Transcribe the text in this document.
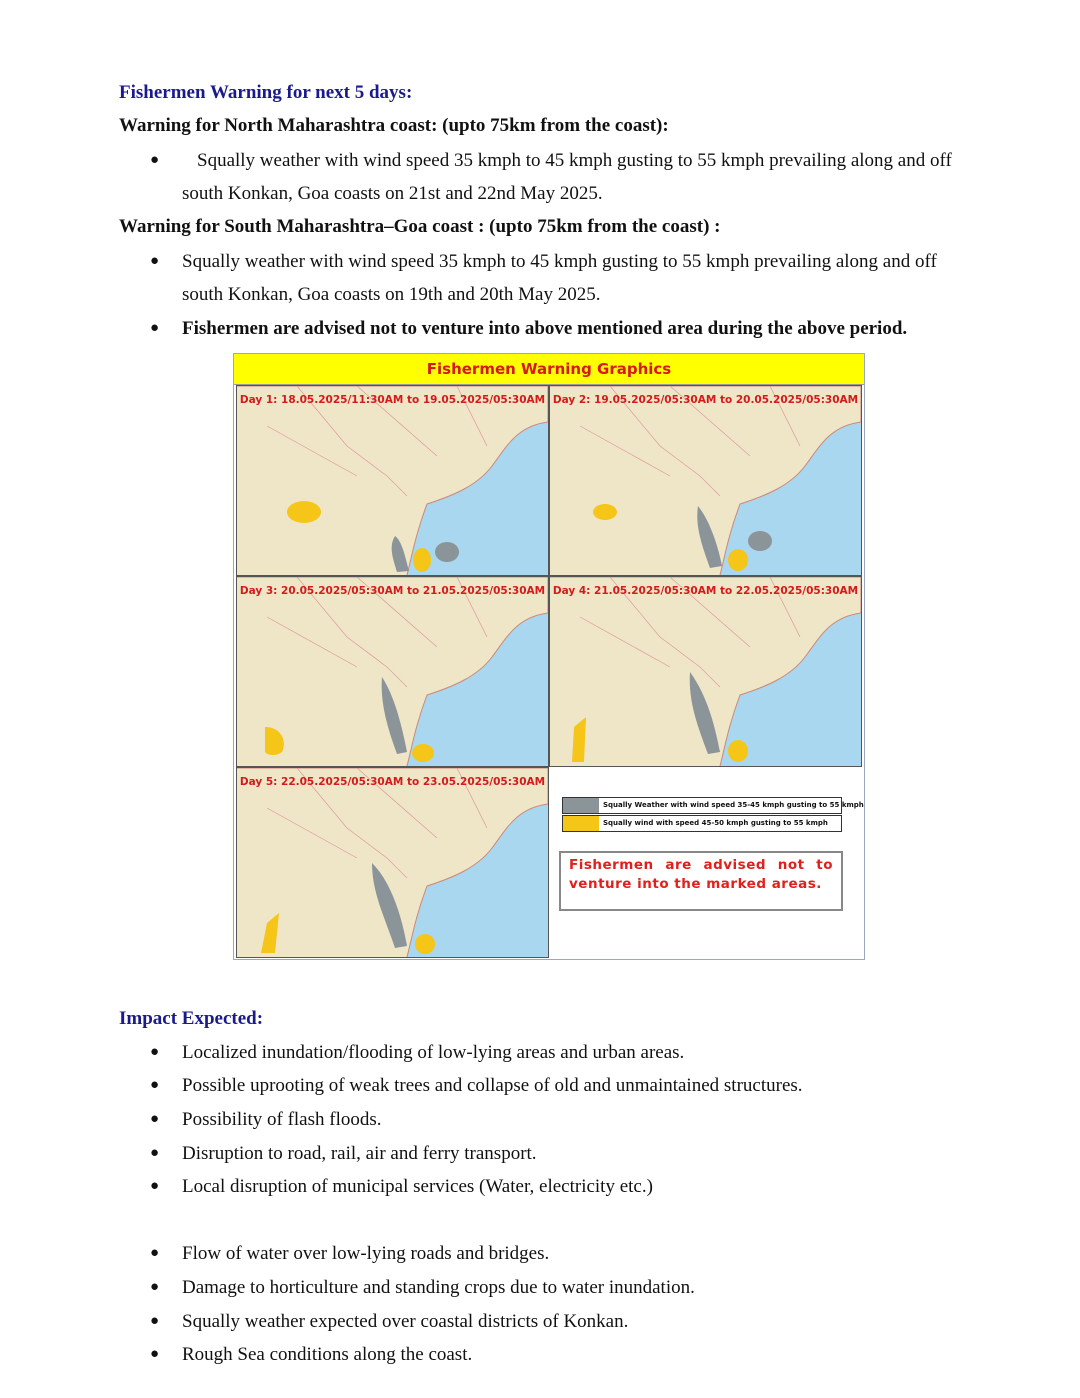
Fishermen Warning for next 5 days:
Warning for North Maharashtra coast: (upto 75km from the coast):
●	Squally weather with wind speed 35 kmph to 45 kmph gusting to 55 kmph prevailing along and off south Konkan, Goa coasts on 21st and 22nd May 2025.
Warning for South Maharashtra–Goa coast : (upto 75km from the coast) :
● Squally weather with wind speed 35 kmph to 45 kmph gusting to 55 kmph prevailing along and off south Konkan, Goa coasts on 19th and 20th May 2025.
● Fishermen are advised not to venture into above mentioned area during the above period.
Fishermen Warning Graphics
Day 1: 18.05.2025/11:30AM to 19.05.2025/05:30AM Day 2: 19.05.2025/05:30AM to 20.05.2025/05:30AM
Day 3: 20.05.2025/05:30AM to 21.05.2025/05:30AM Day 4: 21.05.2025/05:30AM to 22.05.2025/05:30AM
Day 5: 22.05.2025/05:30AM to 23.05.2025/05:30AM
Squally Weather with wind speed 35-45 kmph gusting to 55 kmph
Squally wind with speed 45-50 kmph gusting to 55 kmph
Fishermen are advised not to venture into the marked areas.
Impact Expected:
● Localized inundation/flooding of low-lying areas and urban areas.
● Possible uprooting of weak trees and collapse of old and unmaintained structures.
● Possibility of flash floods.
● Disruption to road, rail, air and ferry transport.
● Local disruption of municipal services (Water, electricity etc.)
● Flow of water over low-lying roads and bridges.
● Damage to horticulture and standing crops due to water inundation.
● Squally weather expected over coastal districts of Konkan.
● Rough Sea conditions along the coast.
